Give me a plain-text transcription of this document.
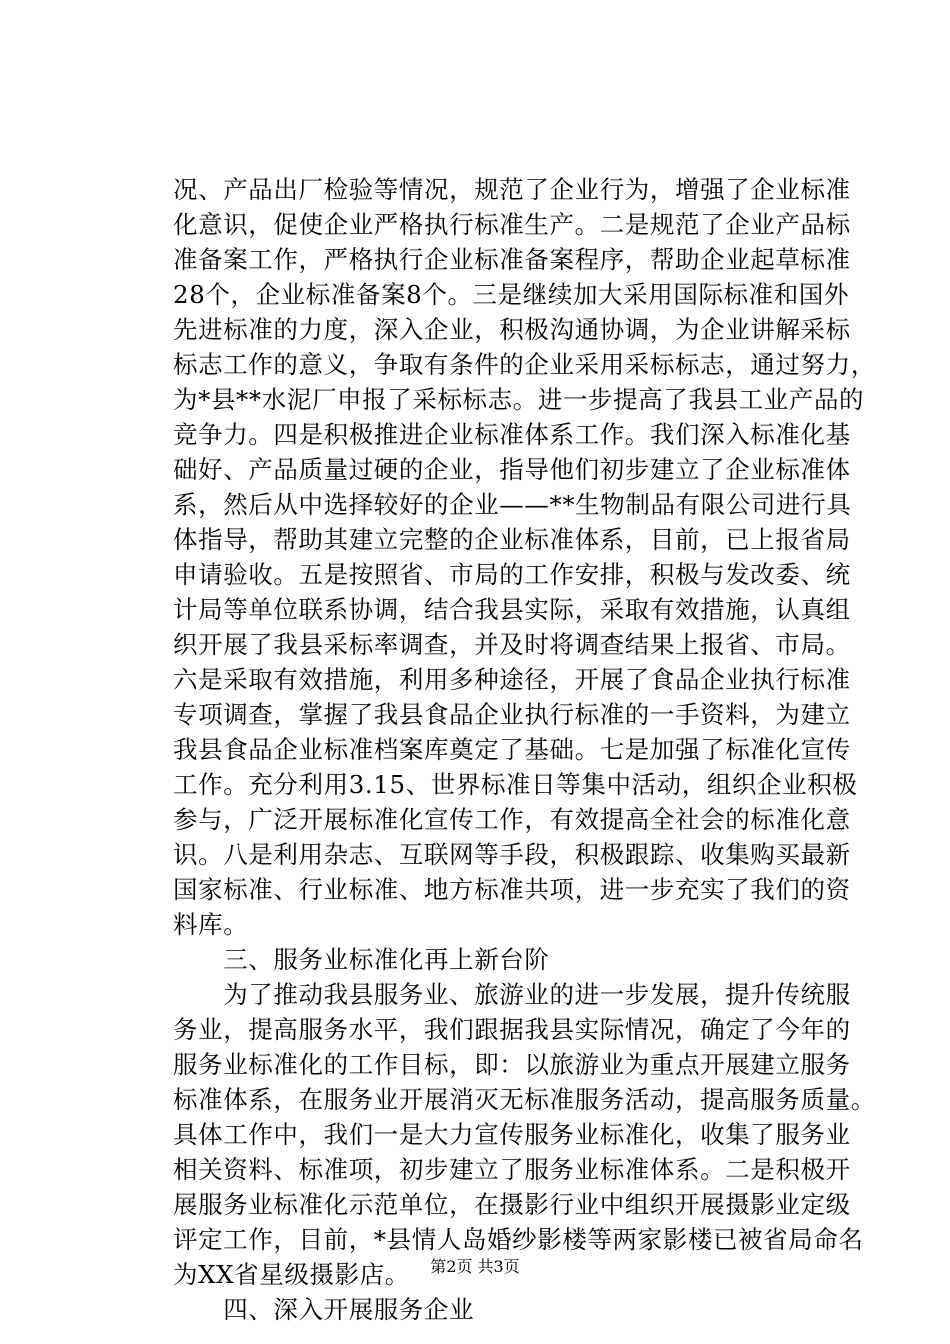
况、产品出厂检验等情况，规范了企业行为，增强了企业标准
化意识，促使企业严格执行标准生产。二是规范了企业产品标
准备案工作，严格执行企业标准备案程序，帮助企业起草标准
28个，企业标准备案8个。三是继续加大采用国际标准和国外
先进标准的力度，深入企业，积极沟通协调，为企业讲解采标
标志工作的意义，争取有条件的企业采用采标标志，通过努力，
为*县**水泥厂申报了采标标志。进一步提高了我县工业产品的
竞争力。四是积极推进企业标准体系工作。我们深入标准化基
础好、产品质量过硬的企业，指导他们初步建立了企业标准体
系，然后从中选择较好的企业——**生物制品有限公司进行具
体指导，帮助其建立完整的企业标准体系，目前，已上报省局
申请验收。五是按照省、市局的工作安排，积极与发改委、统
计局等单位联系协调，结合我县实际，采取有效措施，认真组
织开展了我县采标率调查，并及时将调查结果上报省、市局。
六是采取有效措施，利用多种途径，开展了食品企业执行标准
专项调查，掌握了我县食品企业执行标准的一手资料，为建立
我县食品企业标准档案库奠定了基础。七是加强了标准化宣传
工作。充分利用3.15、世界标准日等集中活动，组织企业积极
参与，广泛开展标准化宣传工作，有效提高全社会的标准化意
识。八是利用杂志、互联网等手段，积极跟踪、收集购买最新
国家标准、行业标准、地方标准共项，进一步充实了我们的资
料库。
　　三、服务业标准化再上新台阶
　　为了推动我县服务业、旅游业的进一步发展，提升传统服
务业，提高服务水平，我们跟据我县实际情况，确定了今年的
服务业标准化的工作目标，即：以旅游业为重点开展建立服务
标准体系，在服务业开展消灭无标准服务活动，提高服务质量。
具体工作中，我们一是大力宣传服务业标准化，收集了服务业
相关资料、标准项，初步建立了服务业标准体系。二是积极开
展服务业标准化示范单位，在摄影行业中组织开展摄影业定级
评定工作，目前，*县情人岛婚纱影楼等两家影楼已被省局命名
为XX省星级摄影店。
　　四、深入开展服务企业
第2页 共3页
